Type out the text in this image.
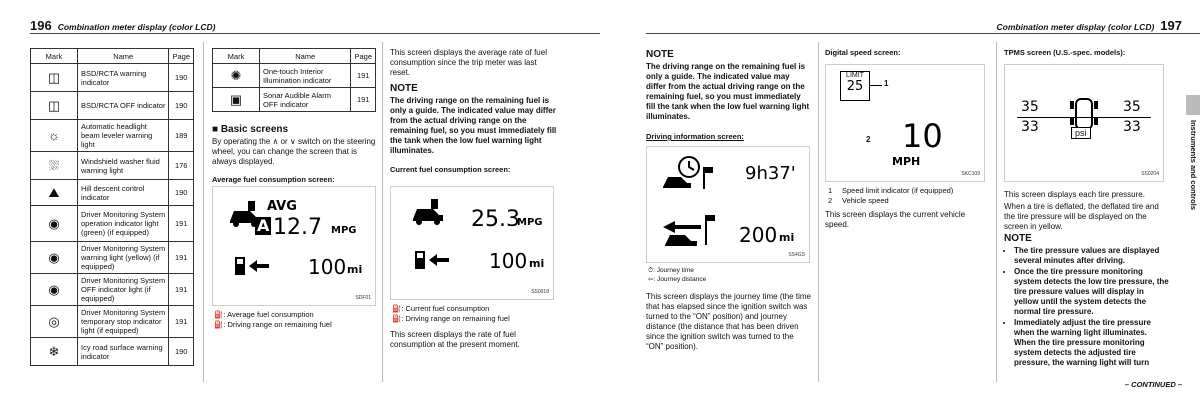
196 Combination meter display (color LCD)
Mark	Name	Page
◫	BSD/RCTA warning indicator	190
◫	BSD/RCTA OFF indicator	190
☼	Automatic headlight beam leveler warning light	189
⛆	Windshield washer fluid warning light	176
⛰	Hill descent control indicator	190
◉	Driver Monitoring System operation indicator light (green) (if equipped)	191
◉	Driver Monitoring System warning light (yellow) (if equipped)	191
◉	Driver Monitoring System OFF indicator light (if equipped)	191
◎	Driver Monitoring System temporary stop indicator light (if equipped)	191
❄	Icy road surface warning indicator	190
Mark	Name	Page
✺	One-touch Interior Illumination indicator	191
▣	Sonar Audible Alarm OFF indicator	191
■ Basic screens
By operating the ∧ or ∨ switch on the steering wheel, you can change the screen that is always displayed.
Average fuel consumption screen:
AVG
A 12.7 MPG
100 mi
SDF01
⛽: Average fuel consumption
⛽: Driving range on remaining fuel
This screen displays the average rate of fuel consumption since the trip meter was last reset.
NOTE
The driving range on the remaining fuel is only a guide. The indicated value may differ from the actual driving range on the remaining fuel, so you must immediately fill the tank when the low fuel warning light illuminates.
Current fuel consumption screen:
25.3
MPG
100 mi
SS0018
⛽: Current fuel consumption
⛽: Driving range on remaining fuel
This screen displays the rate of fuel consumption at the present moment.
Combination meter display (color LCD) 197
NOTE
The driving range on the remaining fuel is only a guide. The indicated value may differ from the actual driving range on the remaining fuel, so you must immediately fill the tank when the low fuel warning light illuminates.
Driving information screen:
9h37'
200 mi
SS4GS
⏱: Journey time
⇦: Journey distance
This screen displays the journey time (the time that has elapsed since the ignition switch was turned to the “ON” position) and journey distance (the distance that has been driven since the ignition switch was turned to the “ON” position).
Digital speed screen:
LIMIT
25	1
2 10
MPH
SKC109
1 Speed limit indicator (if equipped)
2 Vehicle speed
This screen displays the current vehicle speed.
TPMS screen (U.S.-spec. models):
35	35
33	33
psi
SS0204
This screen displays each tire pressure.
When a tire is deflated, the deflated tire and the tire pressure will be displayed on the screen in yellow.
NOTE
• The tire pressure values are displayed several minutes after driving.
• Once the tire pressure monitoring system detects the low tire pressure, the tire pressure values will display in yellow until the system detects the normal tire pressure.
• Immediately adjust the tire pressure when the warning light illuminates. When the tire pressure monitoring system detects the adjusted tire pressure, the warning light will turn
Instruments and controls
– CONTINUED –
